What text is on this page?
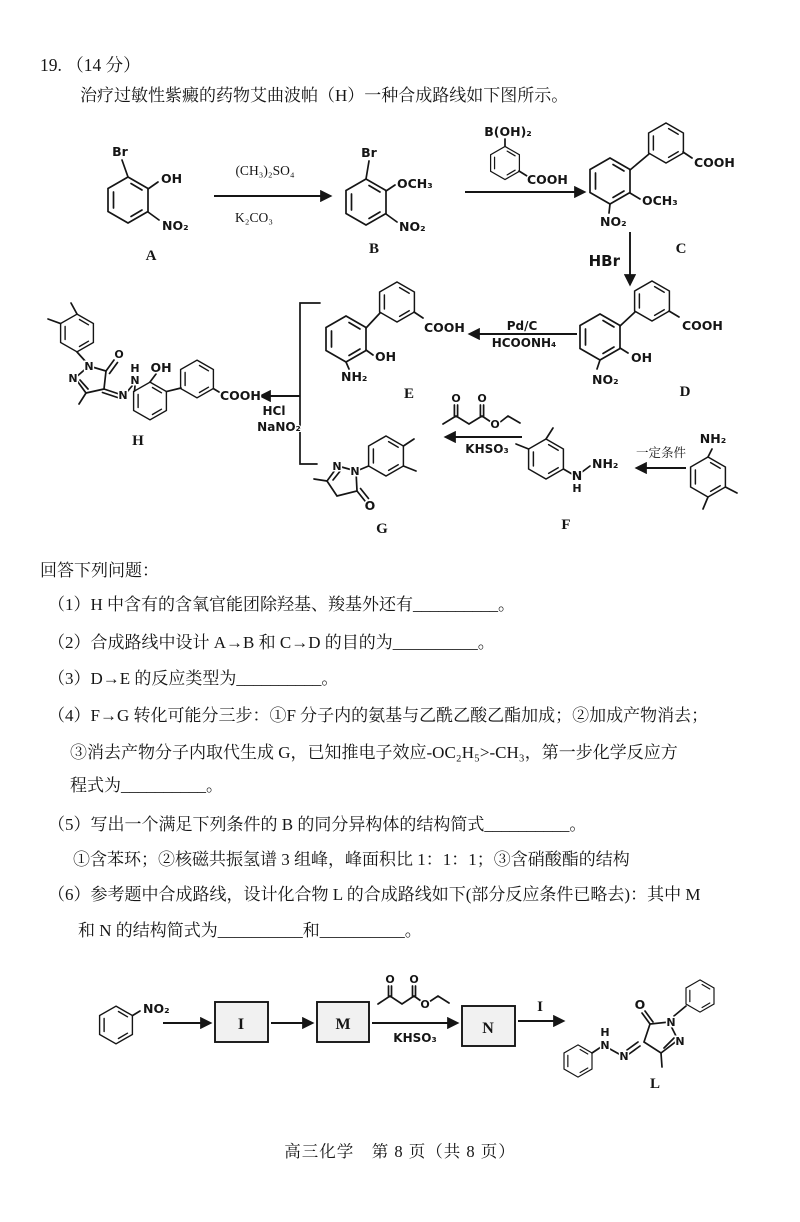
19. （14 分）
治疗过敏性紫癜的药物艾曲波帕（H）一种合成路线如下图所示。
回答下列问题：
（1）H 中含有的含氧官能团除羟基、羧基外还有__________。
（2）合成路线中设计 A→B 和 C→D 的目的为__________。
（3）D→E 的反应类型为__________。
（4）F→G 转化可能分三步：①F 分子内的氨基与乙酰乙酸乙酯加成；②加成产物消去；
③消去产物分子内取代生成 G，已知推电子效应-OC₂H₅>-CH₃，第一步化学反应方
程式为__________。
（5）写出一个满足下列条件的 B 的同分异构体的结构简式__________。
①含苯环；②核磁共振氢谱 3 组峰，峰面积比 1：1：1；③含硝酸酯的结构
（6）参考题中合成路线，设计化合物 L 的合成路线如下(部分反应条件已略去)：其中 M
和 N 的结构简式为__________和__________。
高三化学　第 8 页（共 8 页）
Br
OH
NO₂
A
(CH₃)₂SO₄
K₂CO₃
Br
OCH₃
NO₂
B
B(OH)₂
COOH
COOH
OCH₃
NO₂
C
HBr
COOH
OH
NO₂
D
Pd/C
HCOONH₄
COOH
OH
NH₂
E
HCl
NaNO₂
N
N
O
N
N
H OH
COOH
H
O O
O
KHSO₃
N
N
O
G
N
H
NH₂
F
一定条件
NH₂
NO₂
I	M
O O
O
KHSO₃
N
I
N
H
N
N
N
O
L
